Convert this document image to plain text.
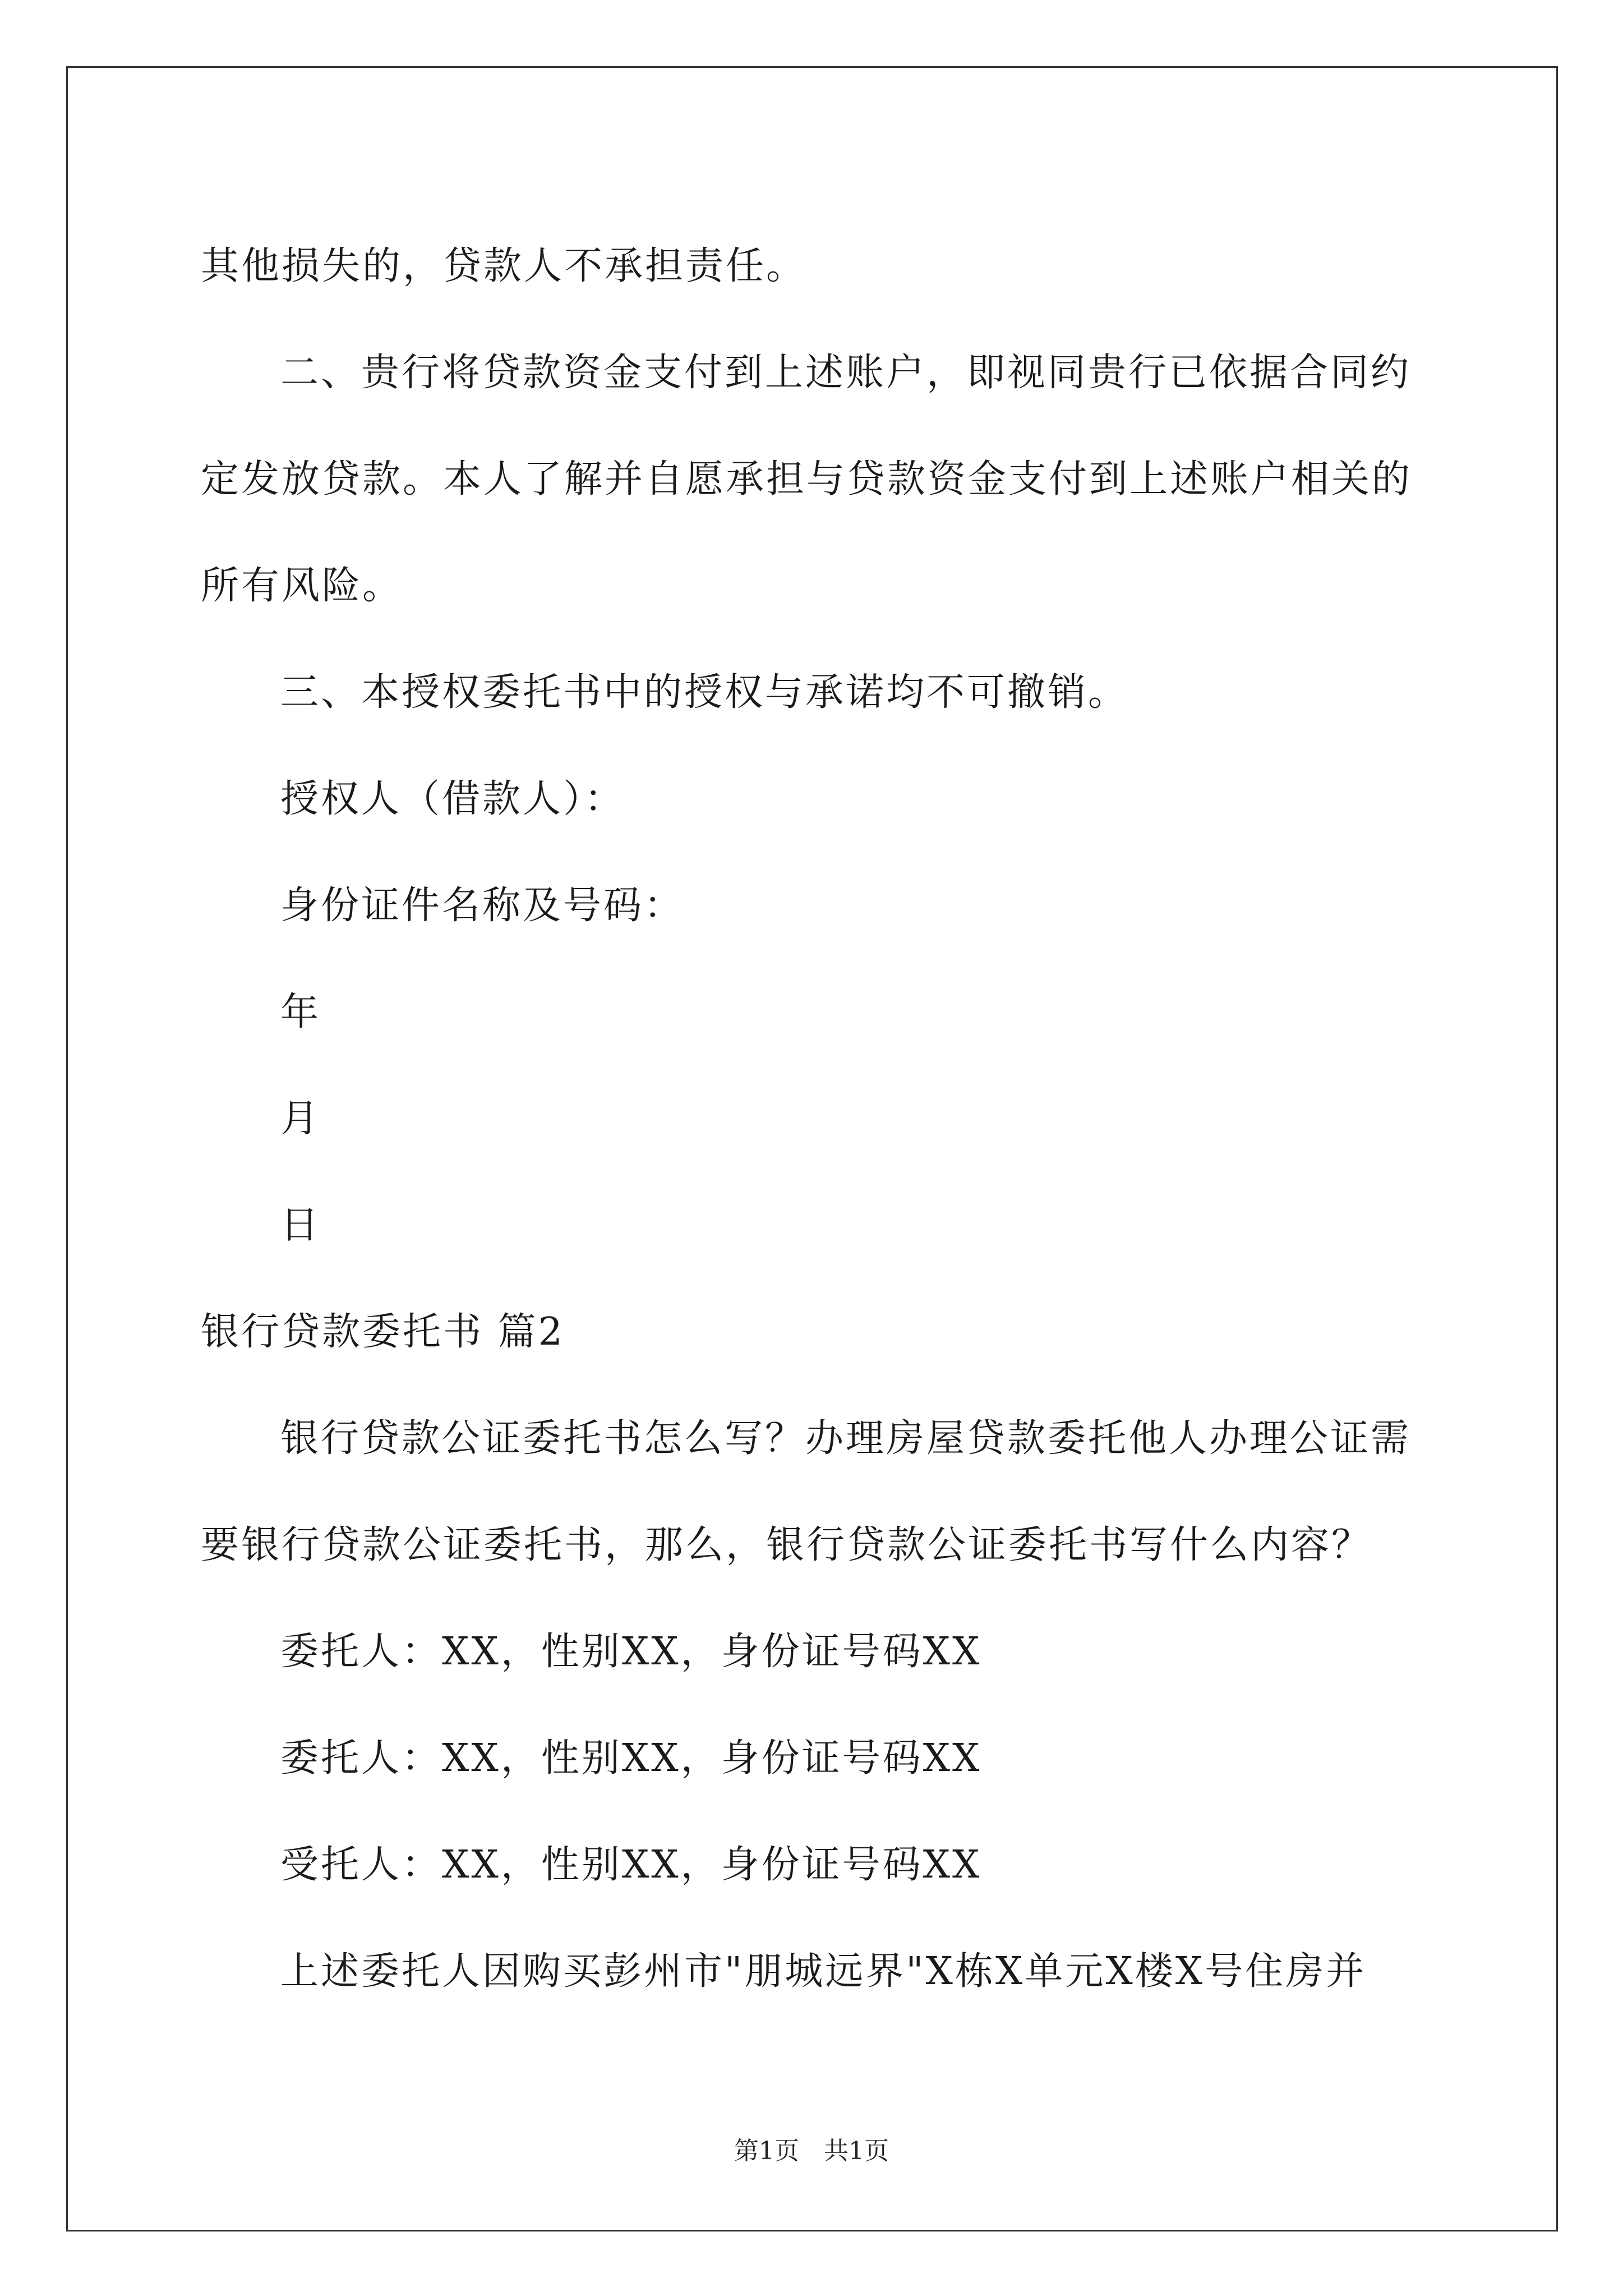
其他损失的，贷款人不承担责任。
二、贵行将贷款资金支付到上述账户，即视同贵行已依据合同约
定发放贷款。本人了解并自愿承担与贷款资金支付到上述账户相关的
所有风险。
三、本授权委托书中的授权与承诺均不可撤销。
授权人（借款人）：
身份证件名称及号码：
年
月
日
银行贷款委托书 篇2
银行贷款公证委托书怎么写？办理房屋贷款委托他人办理公证需
要银行贷款公证委托书，那么，银行贷款公证委托书写什么内容？
委托人：XX，性别XX，身份证号码XX
委托人：XX，性别XX，身份证号码XX
受托人：XX，性别XX，身份证号码XX
上述委托人因购买彭州市"朋城远界"X栋X单元X楼X号住房并
第1页　共1页
